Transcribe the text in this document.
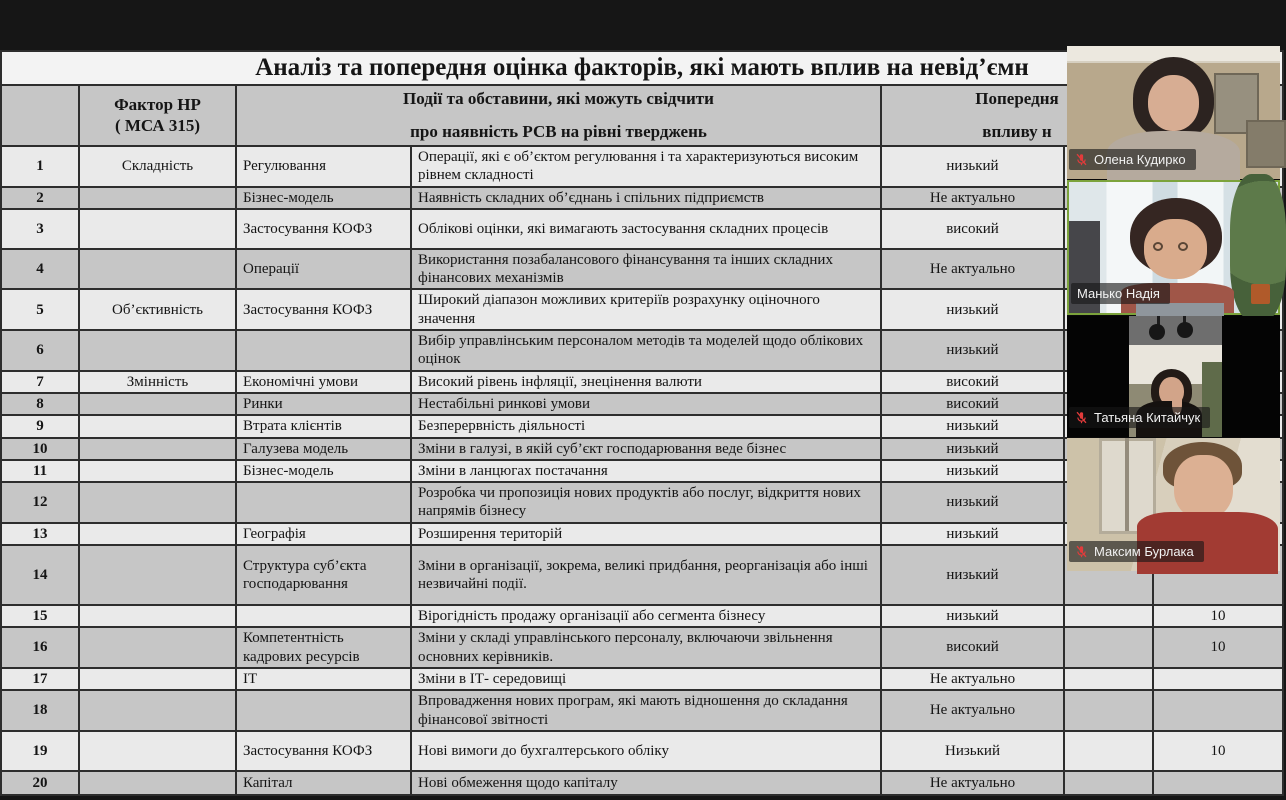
Аналіз та попередня оцінка факторів, які мають вплив на невід’ємн						

Фактор НР
( МСА 315)

Події та обставини, які можуть свідчити
про наявність РСВ на рівні тверджень

Попередня
впливу н

1	Складність	Регулювання	Операції, які є об’єктом регулювання і та характеризуються високим рівнем складності	низький		
2		Бізнес-модель	Наявність складних об’єднань і спільних підприємств	Не актуально		
3		Застосування КОФЗ	Облікові оцінки, які вимагають застосування складних процесів	високий		
4		Операції	Використання позабалансового фінансування та інших складних фінансових механізмів	Не актуально		
5	Об’єктивність	Застосування КОФЗ	Широкий діапазон можливих критеріїв розрахунку оціночного значення	низький		
6			Вибір управлінським персоналом методів та моделей щодо облікових оцінок	низький		
7	Змінність	Економічні умови	Високий рівень інфляції, знецінення валюти	високий		
8		Ринки	Нестабільні ринкові умови	високий		
9		Втрата клієнтів	Безперервність діяльності	низький		
10		Галузева модель	Зміни в галузі, в якій суб’єкт господарювання веде бізнес	низький		
11		Бізнес-модель	Зміни в ланцюгах постачання	низький		
12			Розробка чи пропозиція нових продуктів або послуг, відкриття нових напрямів бізнесу	низький		
13		Географія	Розширення територій	низький		
14		Структура суб’єкта господарювання	Зміни в організації, зокрема, великі придбання, реорганізація або інші незвичайні події.	низький		
15			Вірогідність продажу організації або сегмента бізнесу	низький		10
16		Компетентність кадрових ресурсів	Зміни у складі управлінського персоналу, включаючи звільнення основних керівників.	високий		10
17		ІТ	Зміни в ІТ- середовищі	Не актуально		
18			Впровадження нових програм, які мають відношення до складання фінансової звітності	Не актуально		
19		Застосування КОФЗ	Нові вимоги до бухгалтерського обліку	Низький		10
20		Капітал	Нові обмеження щодо капіталу	Не актуально		
Олена Кудирко
Манько Надія
Татьяна Китайчук
Максим Бурлака
